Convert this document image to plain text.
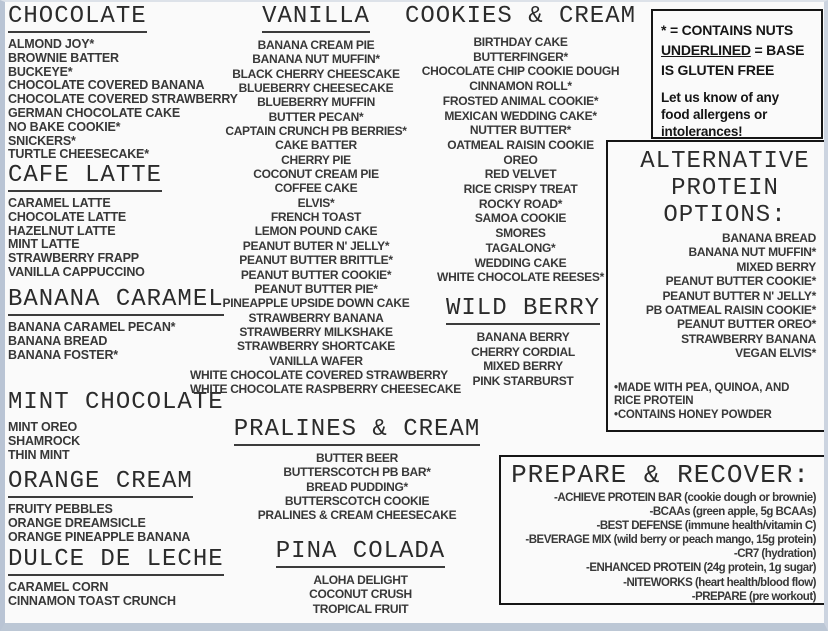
CHOCOLATE
ALMOND JOY*
BROWNIE BATTER
BUCKEYE*
CHOCOLATE COVERED BANANA
CHOCOLATE COVERED STRAWBERRY
GERMAN CHOCOLATE CAKE
NO BAKE COOKIE*
SNICKERS*
TURTLE CHEESECAKE*
CAFE LATTE
CARAMEL LATTE
CHOCOLATE LATTE
HAZELNUT LATTE
MINT LATTE
STRAWBERRY FRAPP
VANILLA CAPPUCCINO
BANANA CARAMEL
BANANA CARAMEL PECAN*
BANANA BREAD
BANANA FOSTER*
MINT CHOCOLATE
MINT OREO
SHAMROCK
THIN MINT
ORANGE CREAM
FRUITY PEBBLES
ORANGE DREAMSICLE
ORANGE PINEAPPLE BANANA
DULCE DE LECHE
CARAMEL CORN
CINNAMON TOAST CRUNCH
VANILLA
BANANA CREAM PIE
BANANA NUT MUFFIN*
BLACK CHERRY CHEESCAKE
BLUEBERRY CHEESECAKE
BLUEBERRY MUFFIN
BUTTER PECAN*
CAPTAIN CRUNCH PB BERRIES*
CAKE BATTER
CHERRY PIE
COCONUT CREAM PIE
COFFEE CAKE
ELVIS*
FRENCH TOAST
LEMON POUND CAKE
PEANUT BUTER N' JELLY*
PEANUT BUTTER BRITTLE*
PEANUT BUTTER COOKIE*
PEANUT BUTTER PIE*
PINEAPPLE UPSIDE DOWN CAKE
STRAWBERRY BANANA
STRAWBERRY MILKSHAKE
STRAWBERRY SHORTCAKE
VANILLA WAFER
WHITE CHOCOLATE COVERED STRAWBERRY
WHITE CHOCOLATE RASPBERRY CHEESECAKE
PRALINES & CREAM
BUTTER BEER
BUTTERSCOTCH PB BAR*
BREAD PUDDING*
BUTTERSCOTCH COOKIE
PRALINES & CREAM CHEESECAKE
PINA COLADA
ALOHA DELIGHT
COCONUT CRUSH
TROPICAL FRUIT
COOKIES & CREAM
BIRTHDAY CAKE
BUTTERFINGER*
CHOCOLATE CHIP COOKIE DOUGH
CINNAMON ROLL*
FROSTED ANIMAL COOKIE*
MEXICAN WEDDING CAKE*
NUTTER BUTTER*
OATMEAL RAISIN COOKIE
OREO
RED VELVET
RICE CRISPY TREAT
ROCKY ROAD*
SAMOA COOKIE
SMORES
TAGALONG*
WEDDING CAKE
WHITE CHOCOLATE REESES*
WILD BERRY
BANANA BERRY
CHERRY CORDIAL
MIXED BERRY
PINK STARBURST
* = CONTAINS NUTS
UNDERLINED = BASE IS GLUTEN FREE
Let us know of any food allergens or intolerances!
ALTERNATIVE
PROTEIN
OPTIONS:
BANANA BREAD
BANANA NUT MUFFIN*
MIXED BERRY
PEANUT BUTTER COOKIE*
PEANUT BUTTER N' JELLY*
PB OATMEAL RAISIN COOKIE*
PEANUT BUTTER OREO*
STRAWBERRY BANANA
VEGAN ELVIS*
•MADE WITH PEA, QUINOA, AND RICE PROTEIN
•CONTAINS HONEY POWDER
PREPARE & RECOVER:
-ACHIEVE PROTEIN BAR (cookie dough or brownie)
-BCAAs (green apple, 5g BCAAs)
-BEST DEFENSE (immune health/vitamin C)
-BEVERAGE MIX (wild berry or peach mango, 15g protein)
-CR7 (hydration)
-ENHANCED PROTEIN (24g protein, 1g sugar)
-NITEWORKS (heart health/blood flow)
-PREPARE (pre workout)
